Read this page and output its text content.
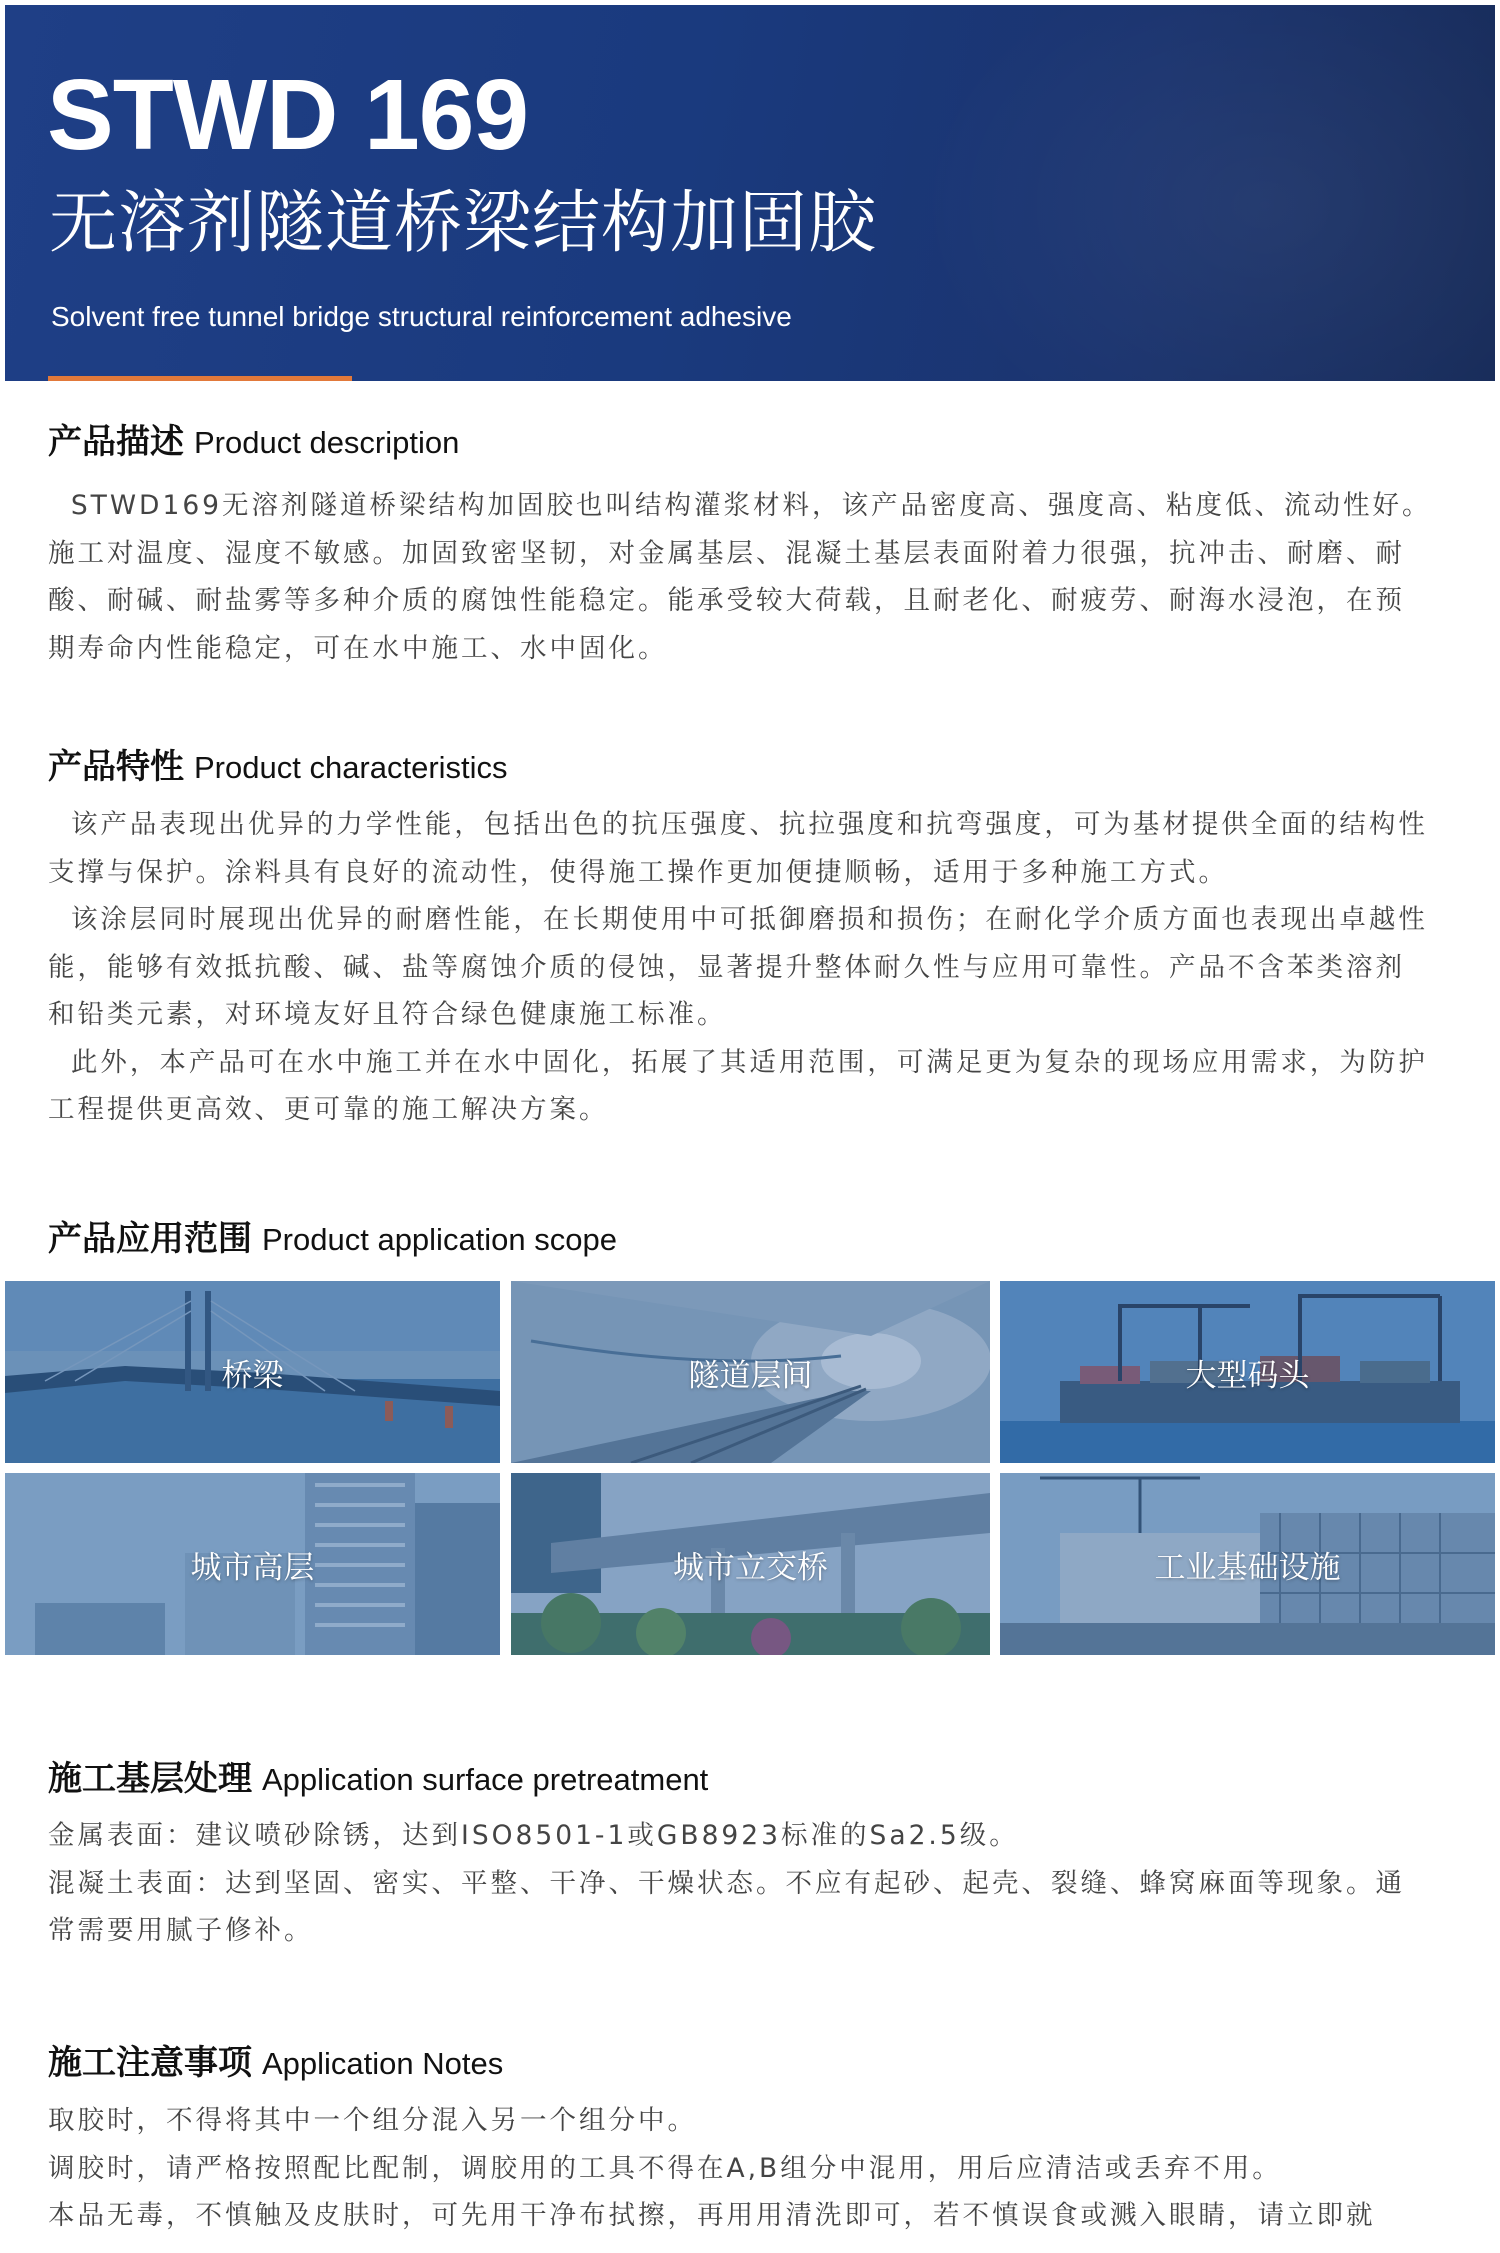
STWD 169
无溶剂隧道桥梁结构加固胶
Solvent free tunnel bridge structural reinforcement adhesive
产品描述 Product description

STWD169无溶剂隧道桥梁结构加固胶也叫结构灌浆材料，该产品密度高、强度高、粘度低、流动性好。

施工对温度、湿度不敏感。加固致密坚韧，对金属基层、混凝土基层表面附着力很强，抗冲击、耐磨、耐

酸、耐碱、耐盐雾等多种介质的腐蚀性能稳定。能承受较大荷载，且耐老化、耐疲劳、耐海水浸泡，在预

期寿命内性能稳定，可在水中施工、水中固化。

产品特性 Product characteristics

该产品表现出优异的力学性能，包括出色的抗压强度、抗拉强度和抗弯强度，可为基材提供全面的结构性

支撑与保护。涂料具有良好的流动性，使得施工操作更加便捷顺畅，适用于多种施工方式。

该涂层同时展现出优异的耐磨性能，在长期使用中可抵御磨损和损伤；在耐化学介质方面也表现出卓越性

能，能够有效抵抗酸、碱、盐等腐蚀介质的侵蚀，显著提升整体耐久性与应用可靠性。产品不含苯类溶剂

和铅类元素，对环境友好且符合绿色健康施工标准。

此外，本产品可在水中施工并在水中固化，拓展了其适用范围，可满足更为复杂的现场应用需求，为防护

工程提供更高效、更可靠的施工解决方案。

产品应用范围 Product application scope
桥梁	隧道层间	大型码头
城市高层	城市立交桥	工业基础设施
施工基层处理 Application surface pretreatment

金属表面：建议喷砂除锈，达到ISO8501-1或GB8923标准的Sa2.5级。

混凝土表面：达到坚固、密实、平整、干净、干燥状态。不应有起砂、起壳、裂缝、蜂窝麻面等现象。通

常需要用腻子修补。

施工注意事项 Application Notes

取胶时，不得将其中一个组分混入另一个组分中。

调胶时，请严格按照配比配制，调胶用的工具不得在A,B组分中混用，用后应清洁或丢弃不用。

本品无毒，不慎触及皮肤时，可先用干净布拭擦，再用用清洗即可，若不慎误食或溅入眼睛，请立即就
